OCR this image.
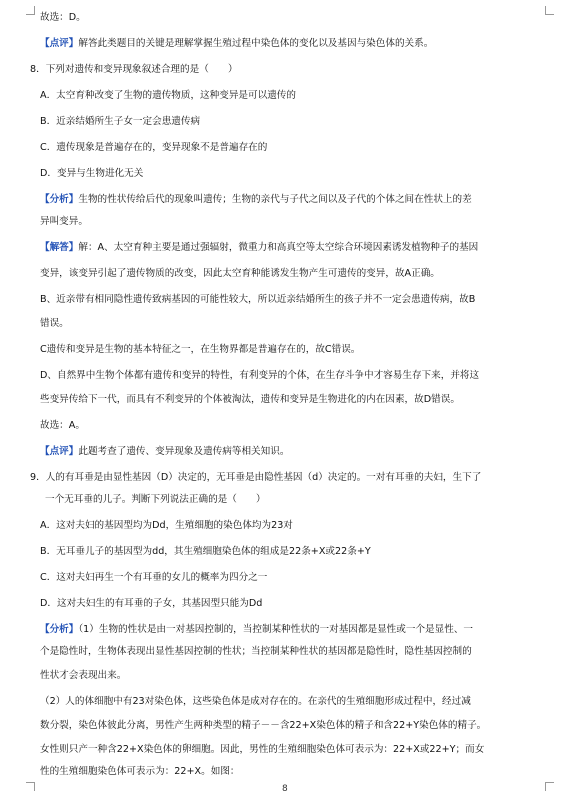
故选：D。
【点评】解答此类题目的关键是理解掌握生殖过程中染色体的变化以及基因与染色体的关系。
8．下列对遗传和变异现象叙述合理的是（　　）
A．太空育种改变了生物的遗传物质，这种变异是可以遗传的
B．近亲结婚所生子女一定会患遗传病
C．遗传现象是普遍存在的，变异现象不是普遍存在的
D．变异与生物进化无关
【分析】生物的性状传给后代的现象叫遗传；生物的亲代与子代之间以及子代的个体之间在性状上的差
异叫变异。
【解答】解：A、太空育种主要是通过强辐射，微重力和高真空等太空综合环境因素诱发植物种子的基因
变异，该变异引起了遗传物质的改变，因此太空育种能诱发生物产生可遗传的变异，故A正确。
B、近亲带有相同隐性遗传致病基因的可能性较大，所以近亲结婚所生的孩子并不一定会患遗传病，故B
错误。
C遗传和变异是生物的基本特征之一，在生物界都是普遍存在的，故C错误。
D、自然界中生物个体都有遗传和变异的特性，有利变异的个体，在生存斗争中才容易生存下来，并将这
些变异传给下一代，而具有不利变异的个体被淘汰，遗传和变异是生物进化的内在因素，故D错误。
故选：A。
【点评】此题考查了遗传、变异现象及遗传病等相关知识。
9．人的有耳垂是由显性基因（D）决定的，无耳垂是由隐性基因（d）决定的。一对有耳垂的夫妇，生下了
一个无耳垂的儿子。判断下列说法正确的是（　　）
A．这对夫妇的基因型均为Dd，生殖细胞的染色体均为23对
B．无耳垂儿子的基因型为dd，其生殖细胞染色体的组成是22条+X或22条+Y
C．这对夫妇再生一个有耳垂的女儿的概率为四分之一
D．这对夫妇生的有耳垂的子女，其基因型只能为Dd
【分析】（1）生物的性状是由一对基因控制的，当控制某种性状的一对基因都是显性或一个是显性、一
个是隐性时，生物体表现出显性基因控制的性状；当控制某种性状的基因都是隐性时，隐性基因控制的
性状才会表现出来。
（2）人的体细胞中有23对染色体，这些染色体是成对存在的。在亲代的生殖细胞形成过程中，经过减
数分裂，染色体彼此分离，男性产生两种类型的精子－－含22+X染色体的精子和含22+Y染色体的精子。
女性则只产一种含22+X染色体的卵细胞。因此，男性的生殖细胞染色体可表示为：22+X或22+Y；而女
性的生殖细胞染色体可表示为：22+X。如图：
8
